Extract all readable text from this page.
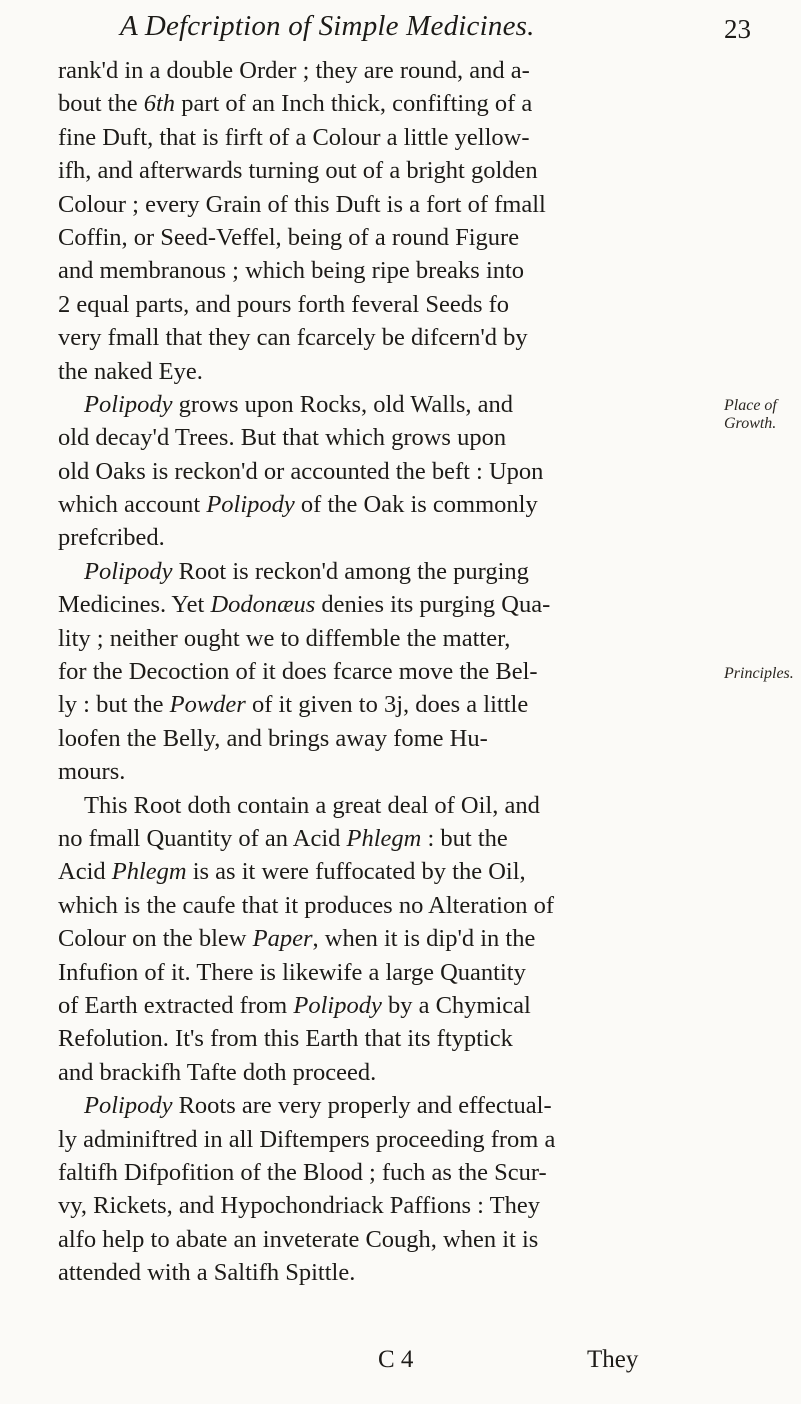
A Defcription of Simple Medicines.	23
rank'd in a double Order ; they are round, and a-
bout the 6th part of an Inch thick, confifting of a
fine Duft, that is firft of a Colour a little yellow-
ifh, and afterwards turning out of a bright golden
Colour ; every Grain of this Duft is a fort of fmall
Coffin, or Seed-Veffel, being of a round Figure
and membranous ; which being ripe breaks into
2 equal parts, and pours forth feveral Seeds fo
very fmall that they can fcarcely be difcern'd by
the naked Eye.
Polipody grows upon Rocks, old Walls, and
old decay'd Trees. But that which grows upon
old Oaks is reckon'd or accounted the beft : Upon
which account Polipody of the Oak is commonly
prefcribed.
Polipody Root is reckon'd among the purging
Medicines. Yet Dodonæus denies its purging Qua-
lity ; neither ought we to diffemble the matter,
for the Decoction of it does fcarce move the Bel-
ly : but the Powder of it given to 3j, does a little
loofen the Belly, and brings away fome Hu-
mours.
This Root doth contain a great deal of Oil, and
no fmall Quantity of an Acid Phlegm : but the
Acid Phlegm is as it were fuffocated by the Oil,
which is the caufe that it produces no Alteration of
Colour on the blew Paper, when it is dip'd in the
Infufion of it. There is likewife a large Quantity
of Earth extracted from Polipody by a Chymical
Refolution. It's from this Earth that its ftyptick
and brackifh Tafte doth proceed.
Polipody Roots are very properly and effectual-
ly adminiftred in all Diftempers proceeding from a
faltifh Difpofition of the Blood ; fuch as the Scur-
vy, Rickets, and Hypochondriack Paffions : They
alfo help to abate an inveterate Cough, when it is
attended with a Saltifh Spittle.
Place of
Growth.
Principles.
C 4	They
